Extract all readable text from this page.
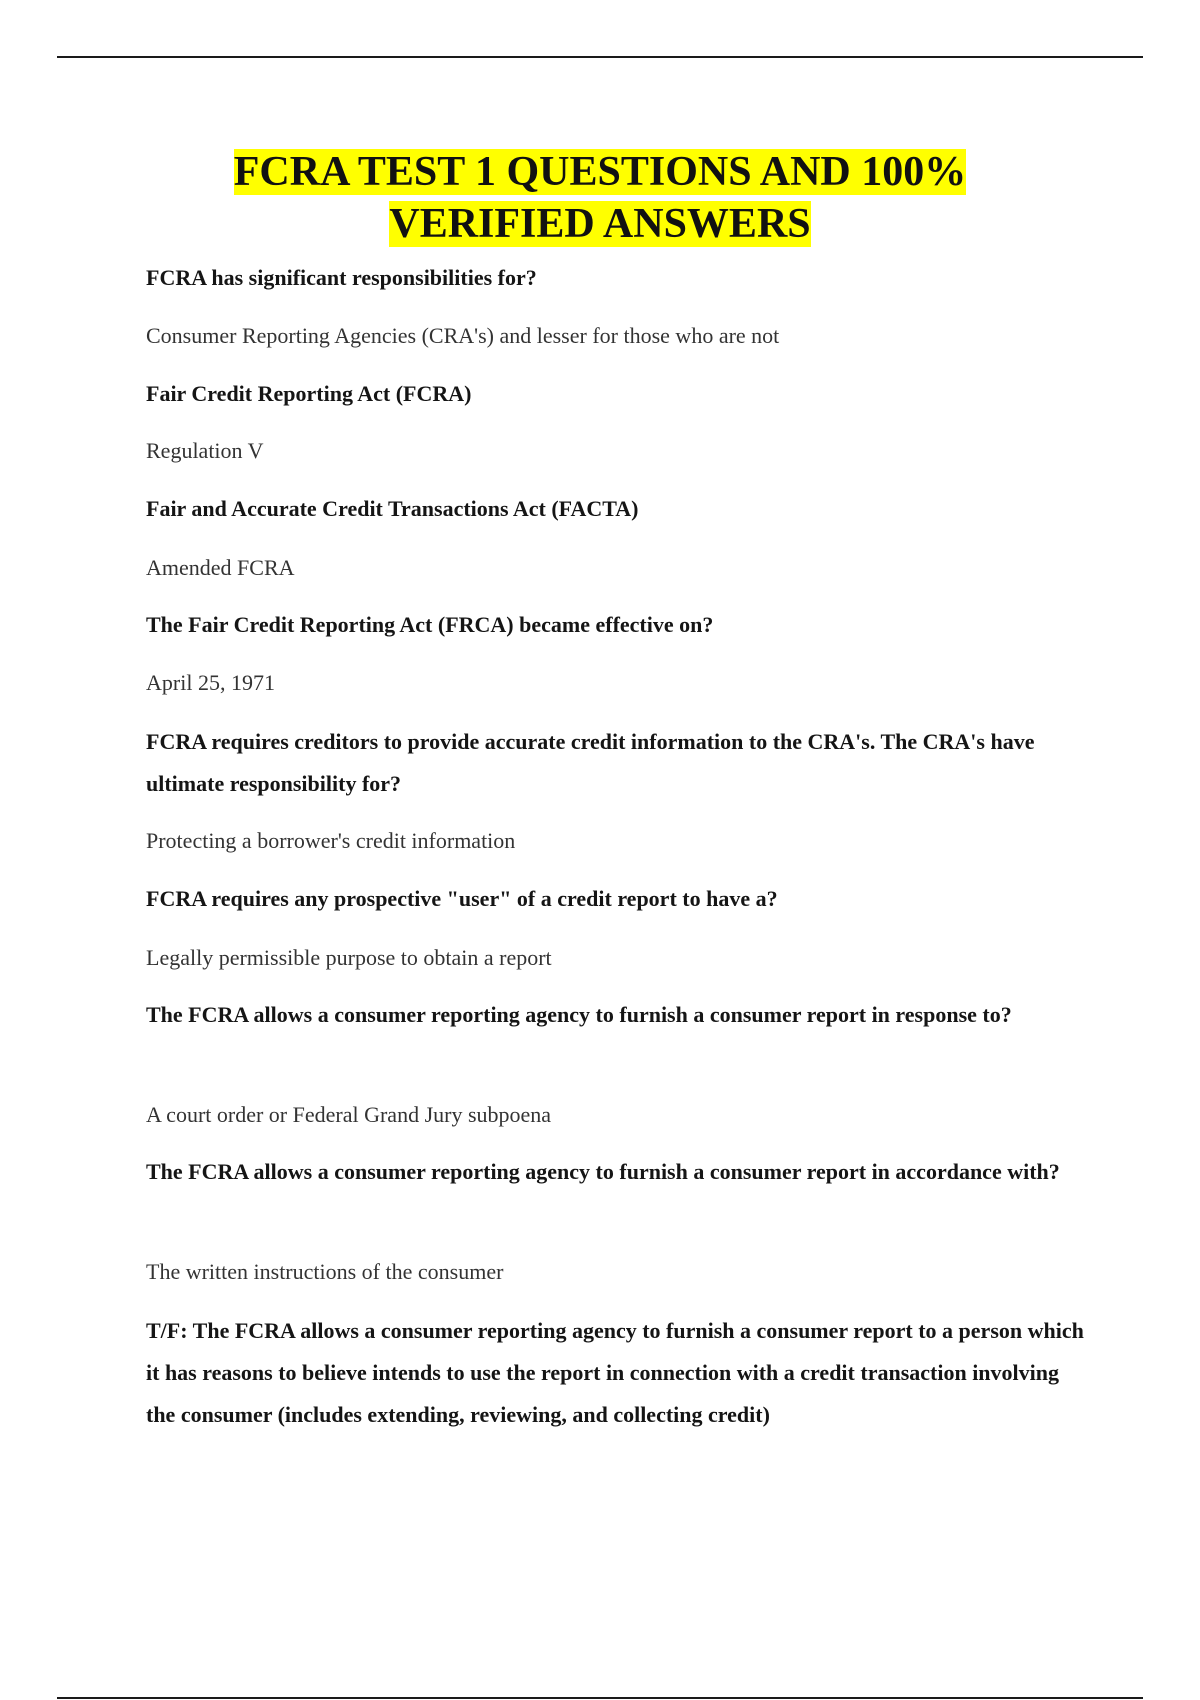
FCRA TEST 1 QUESTIONS AND 100%
VERIFIED ANSWERS

FCRA has significant responsibilities for?

Consumer Reporting Agencies (CRA's) and lesser for those who are not

Fair Credit Reporting Act (FCRA)

Regulation V

Fair and Accurate Credit Transactions Act (FACTA)

Amended FCRA

The Fair Credit Reporting Act (FRCA) became effective on?

April 25, 1971

FCRA requires creditors to provide accurate credit information to the CRA's. The CRA's have ultimate responsibility for?

Protecting a borrower's credit information

FCRA requires any prospective "user" of a credit report to have a?

Legally permissible purpose to obtain a report

The FCRA allows a consumer reporting agency to furnish a consumer report in response to?

A court order or Federal Grand Jury subpoena

The FCRA allows a consumer reporting agency to furnish a consumer report in accordance with?

The written instructions of the consumer

T/F: The FCRA allows a consumer reporting agency to furnish a consumer report to a person which it has reasons to believe intends to use the report in connection with a credit transaction involving the consumer (includes extending, reviewing, and collecting credit)
